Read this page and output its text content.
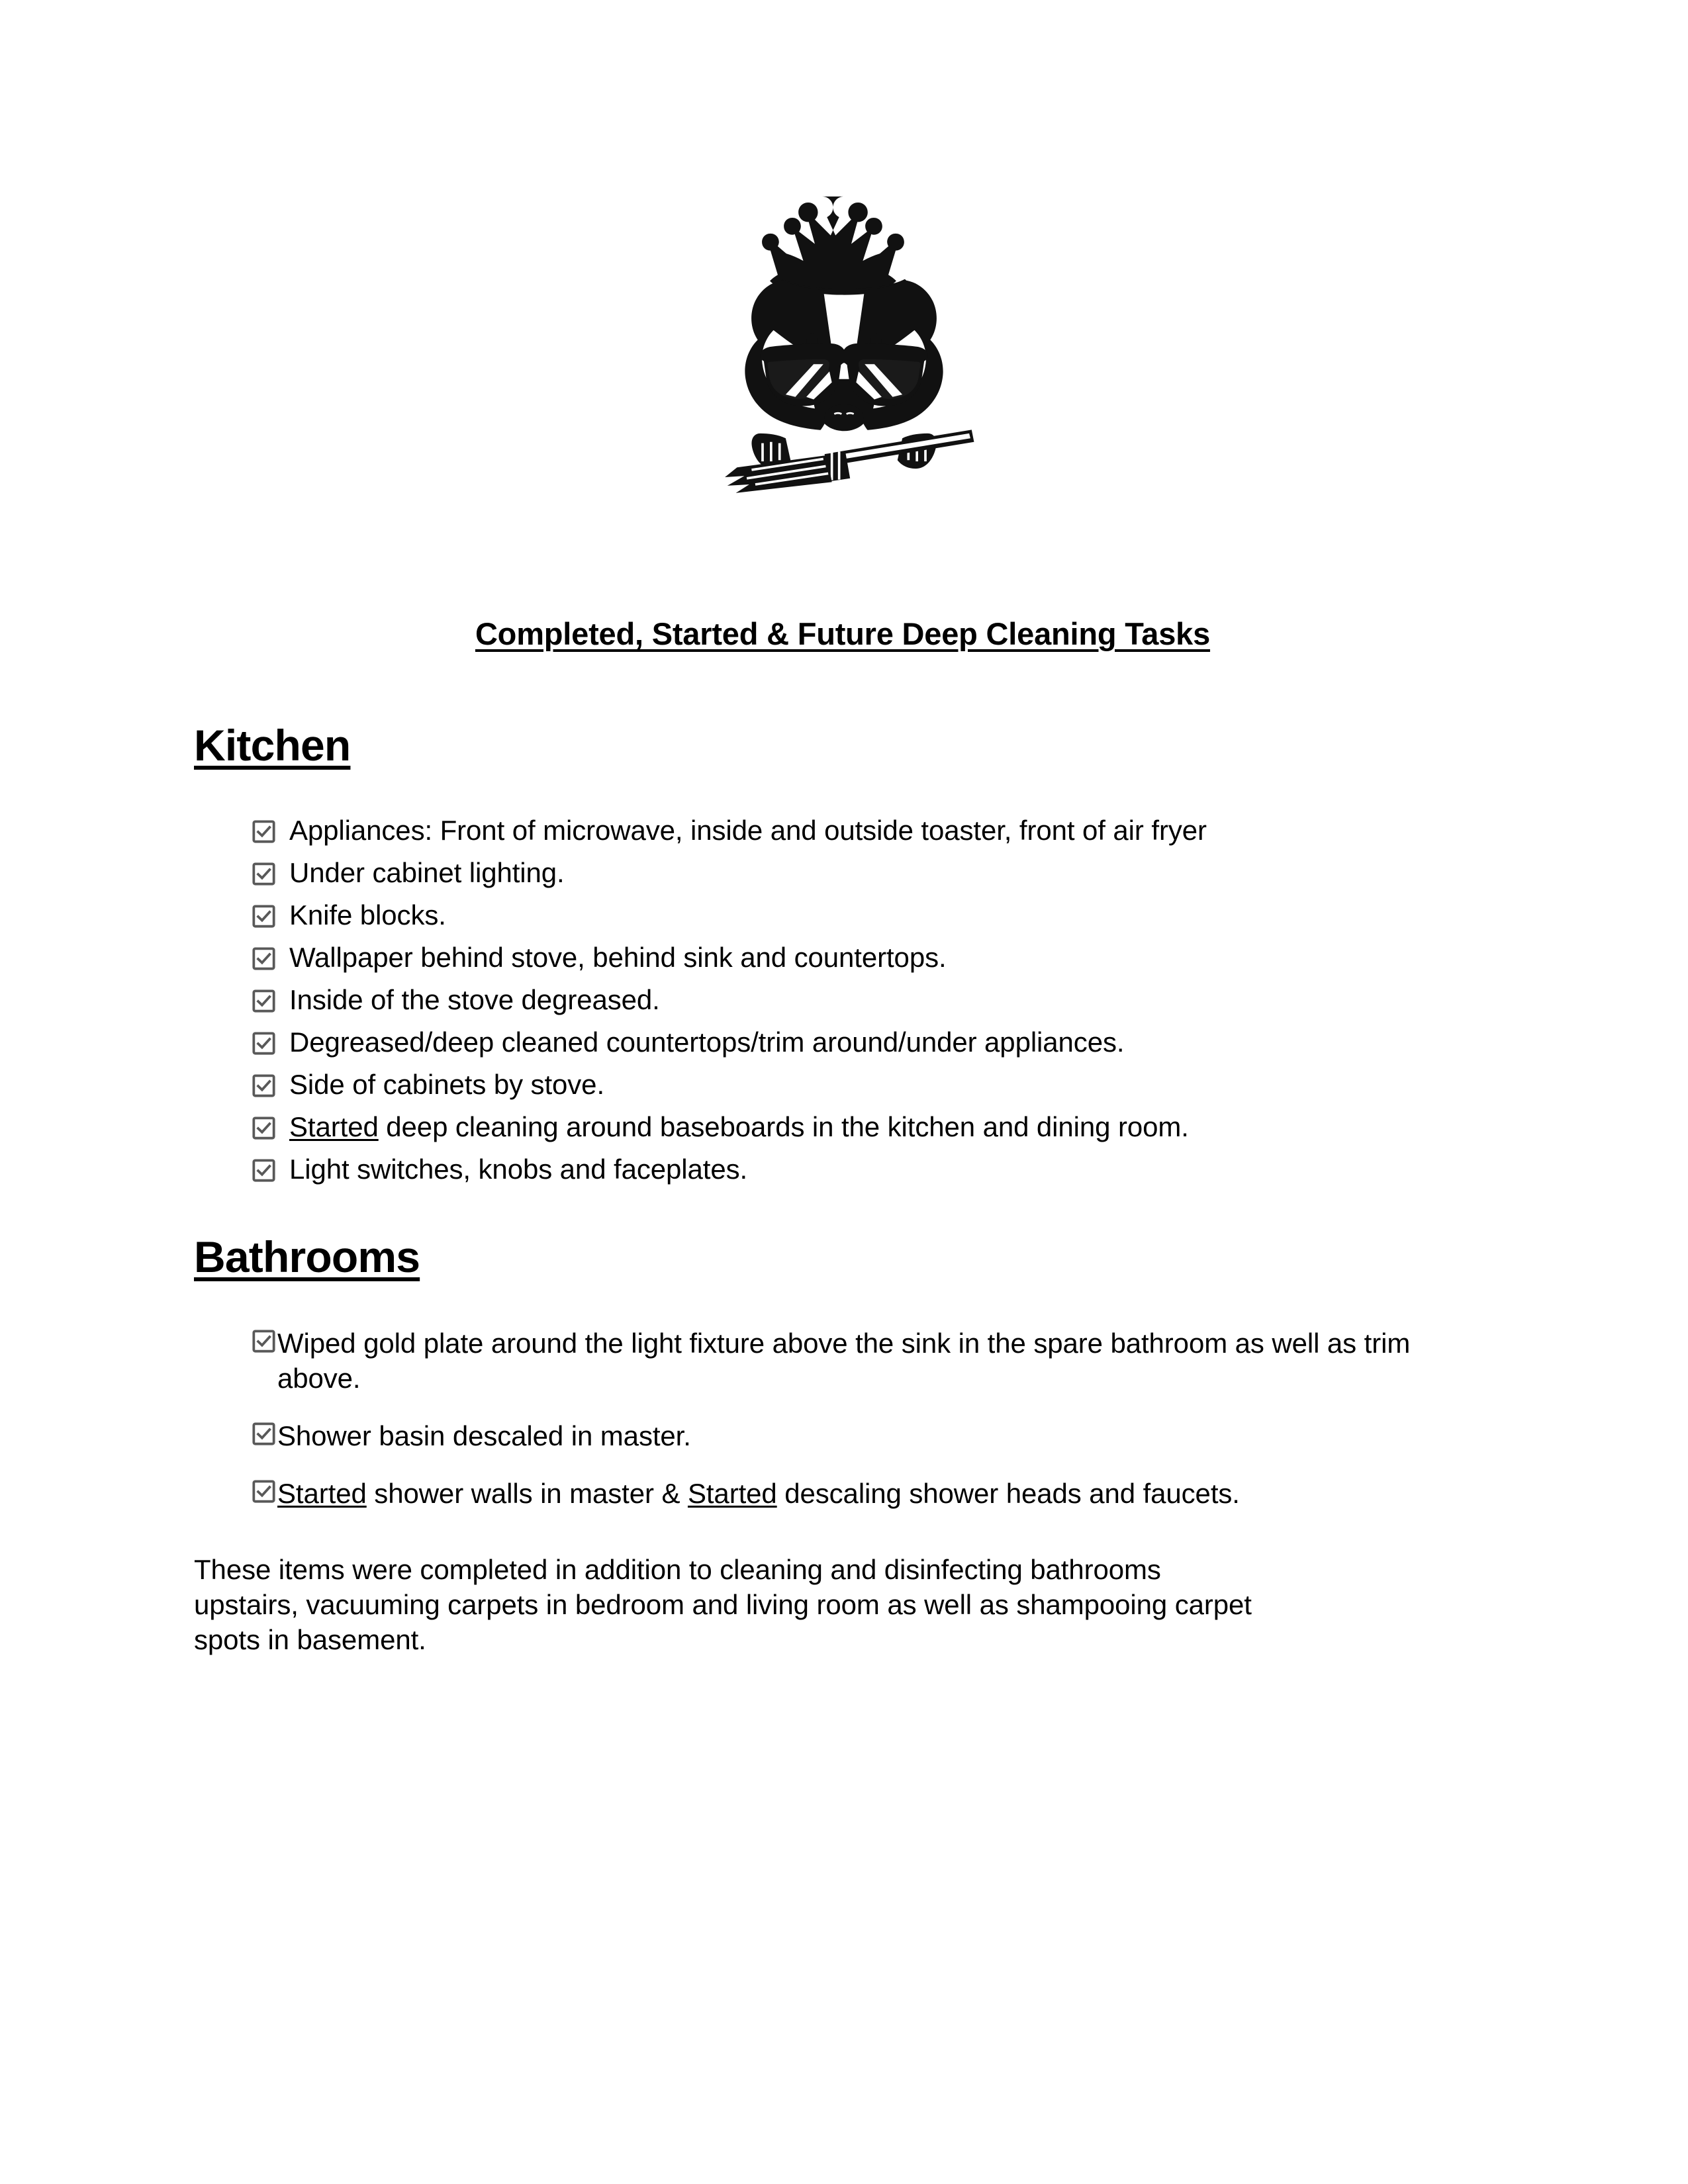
Completed, Started & Future Deep Cleaning Tasks
Kitchen
Appliances: Front of microwave, inside and outside toaster, front of air fryer
Under cabinet lighting.
Knife blocks.
Wallpaper behind stove, behind sink and countertops.
Inside of the stove degreased.
Degreased/deep cleaned countertops/trim around/under appliances.
Side of cabinets by stove.
Started deep cleaning around baseboards in the kitchen and dining room.
Light switches, knobs and faceplates.
Bathrooms
Wiped gold plate around the light fixture above the sink in the spare bathroom as well as trim above.
Shower basin descaled in master.
Started shower walls in master & Started descaling shower heads and faucets.

These items were completed in addition to cleaning and disinfecting bathrooms upstairs, vacuuming carpets in bedroom and living room as well as shampooing carpet spots in basement.
